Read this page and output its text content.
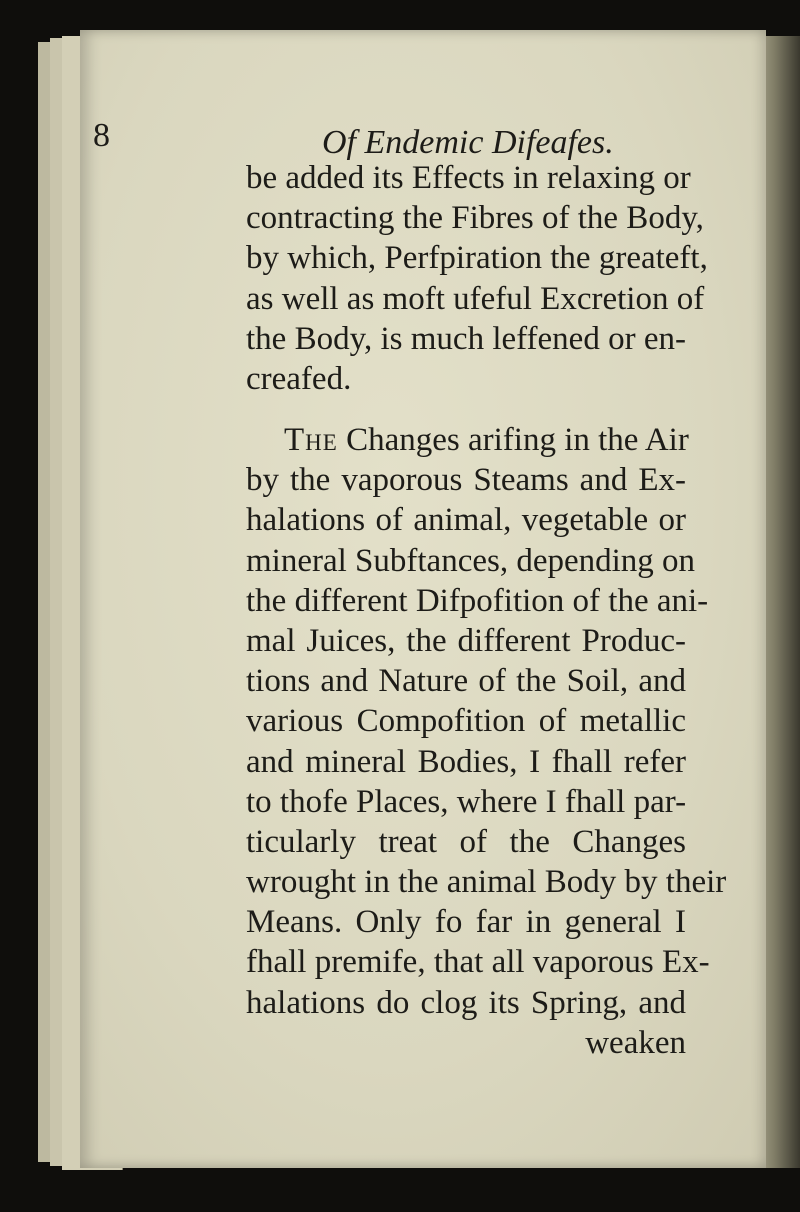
8	Of Endemic Difeafes.
be added its Effects in relaxing or
contracting the Fibres of the Body,
by which, Perfpiration the greateft,
as well as moft ufeful Excretion of
the Body, is much leffened or en-
creafed.
The Changes arifing in the Air
by the vaporous Steams and Ex-
halations of animal, vegetable or
mineral Subftances, depending on
the different Difpofition of the ani-
mal Juices, the different Produc-
tions and Nature of the Soil, and
various Compofition of metallic
and mineral Bodies, I fhall refer
to thofe Places, where I fhall par-
ticularly treat of the Changes
wrought in the animal Body by their
Means. Only fo far in general I
fhall premife, that all vaporous Ex-
halations do clog its Spring, and
weaken
